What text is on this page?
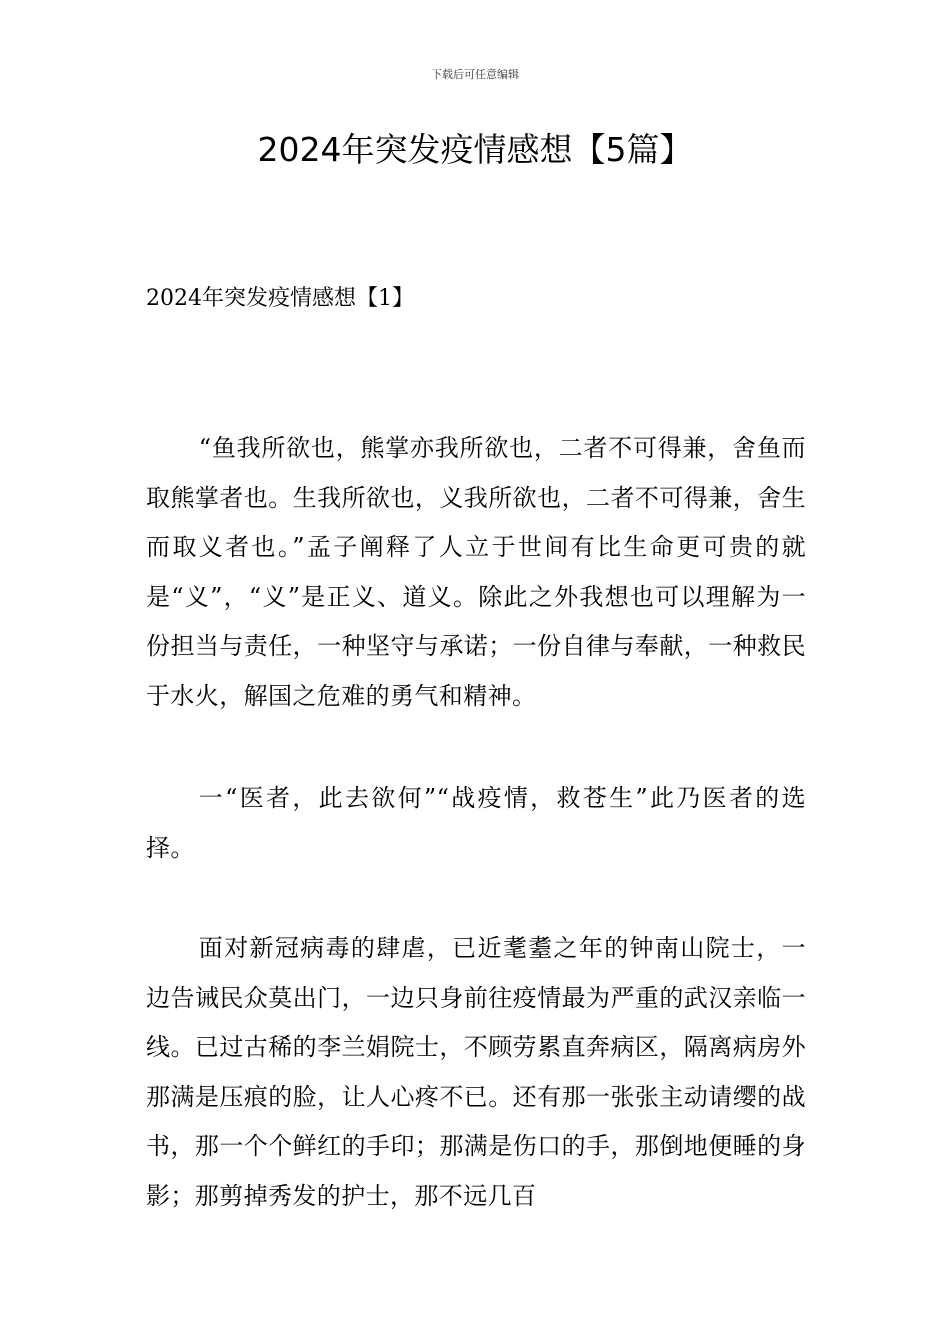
下载后可任意编辑
2024年突发疫情感想【5篇】
2024年突发疫情感想【1】

“鱼我所欲也，熊掌亦我所欲也，二者不可得兼，舍鱼而取熊掌者也。生我所欲也，义我所欲也，二者不可得兼，舍生而取义者也。”孟子阐释了人立于世间有比生命更可贵的就是“义”，“义”是正义、道义。除此之外我想也可以理解为一份担当与责任，一种坚守与承诺；一份自律与奉献，一种救民于水火，解国之危难的勇气和精神。

一“医者，此去欲何”“战疫情，救苍生”此乃医者的选择。

面对新冠病毒的肆虐，已近耄耋之年的钟南山院士，一边告诫民众莫出门，一边只身前往疫情最为严重的武汉亲临一线。已过古稀的李兰娟院士，不顾劳累直奔病区，隔离病房外那满是压痕的脸，让人心疼不已。还有那一张张主动请缨的战书，那一个个鲜红的手印；那满是伤口的手，那倒地便睡的身影；那剪掉秀发的护士，那不远几百
